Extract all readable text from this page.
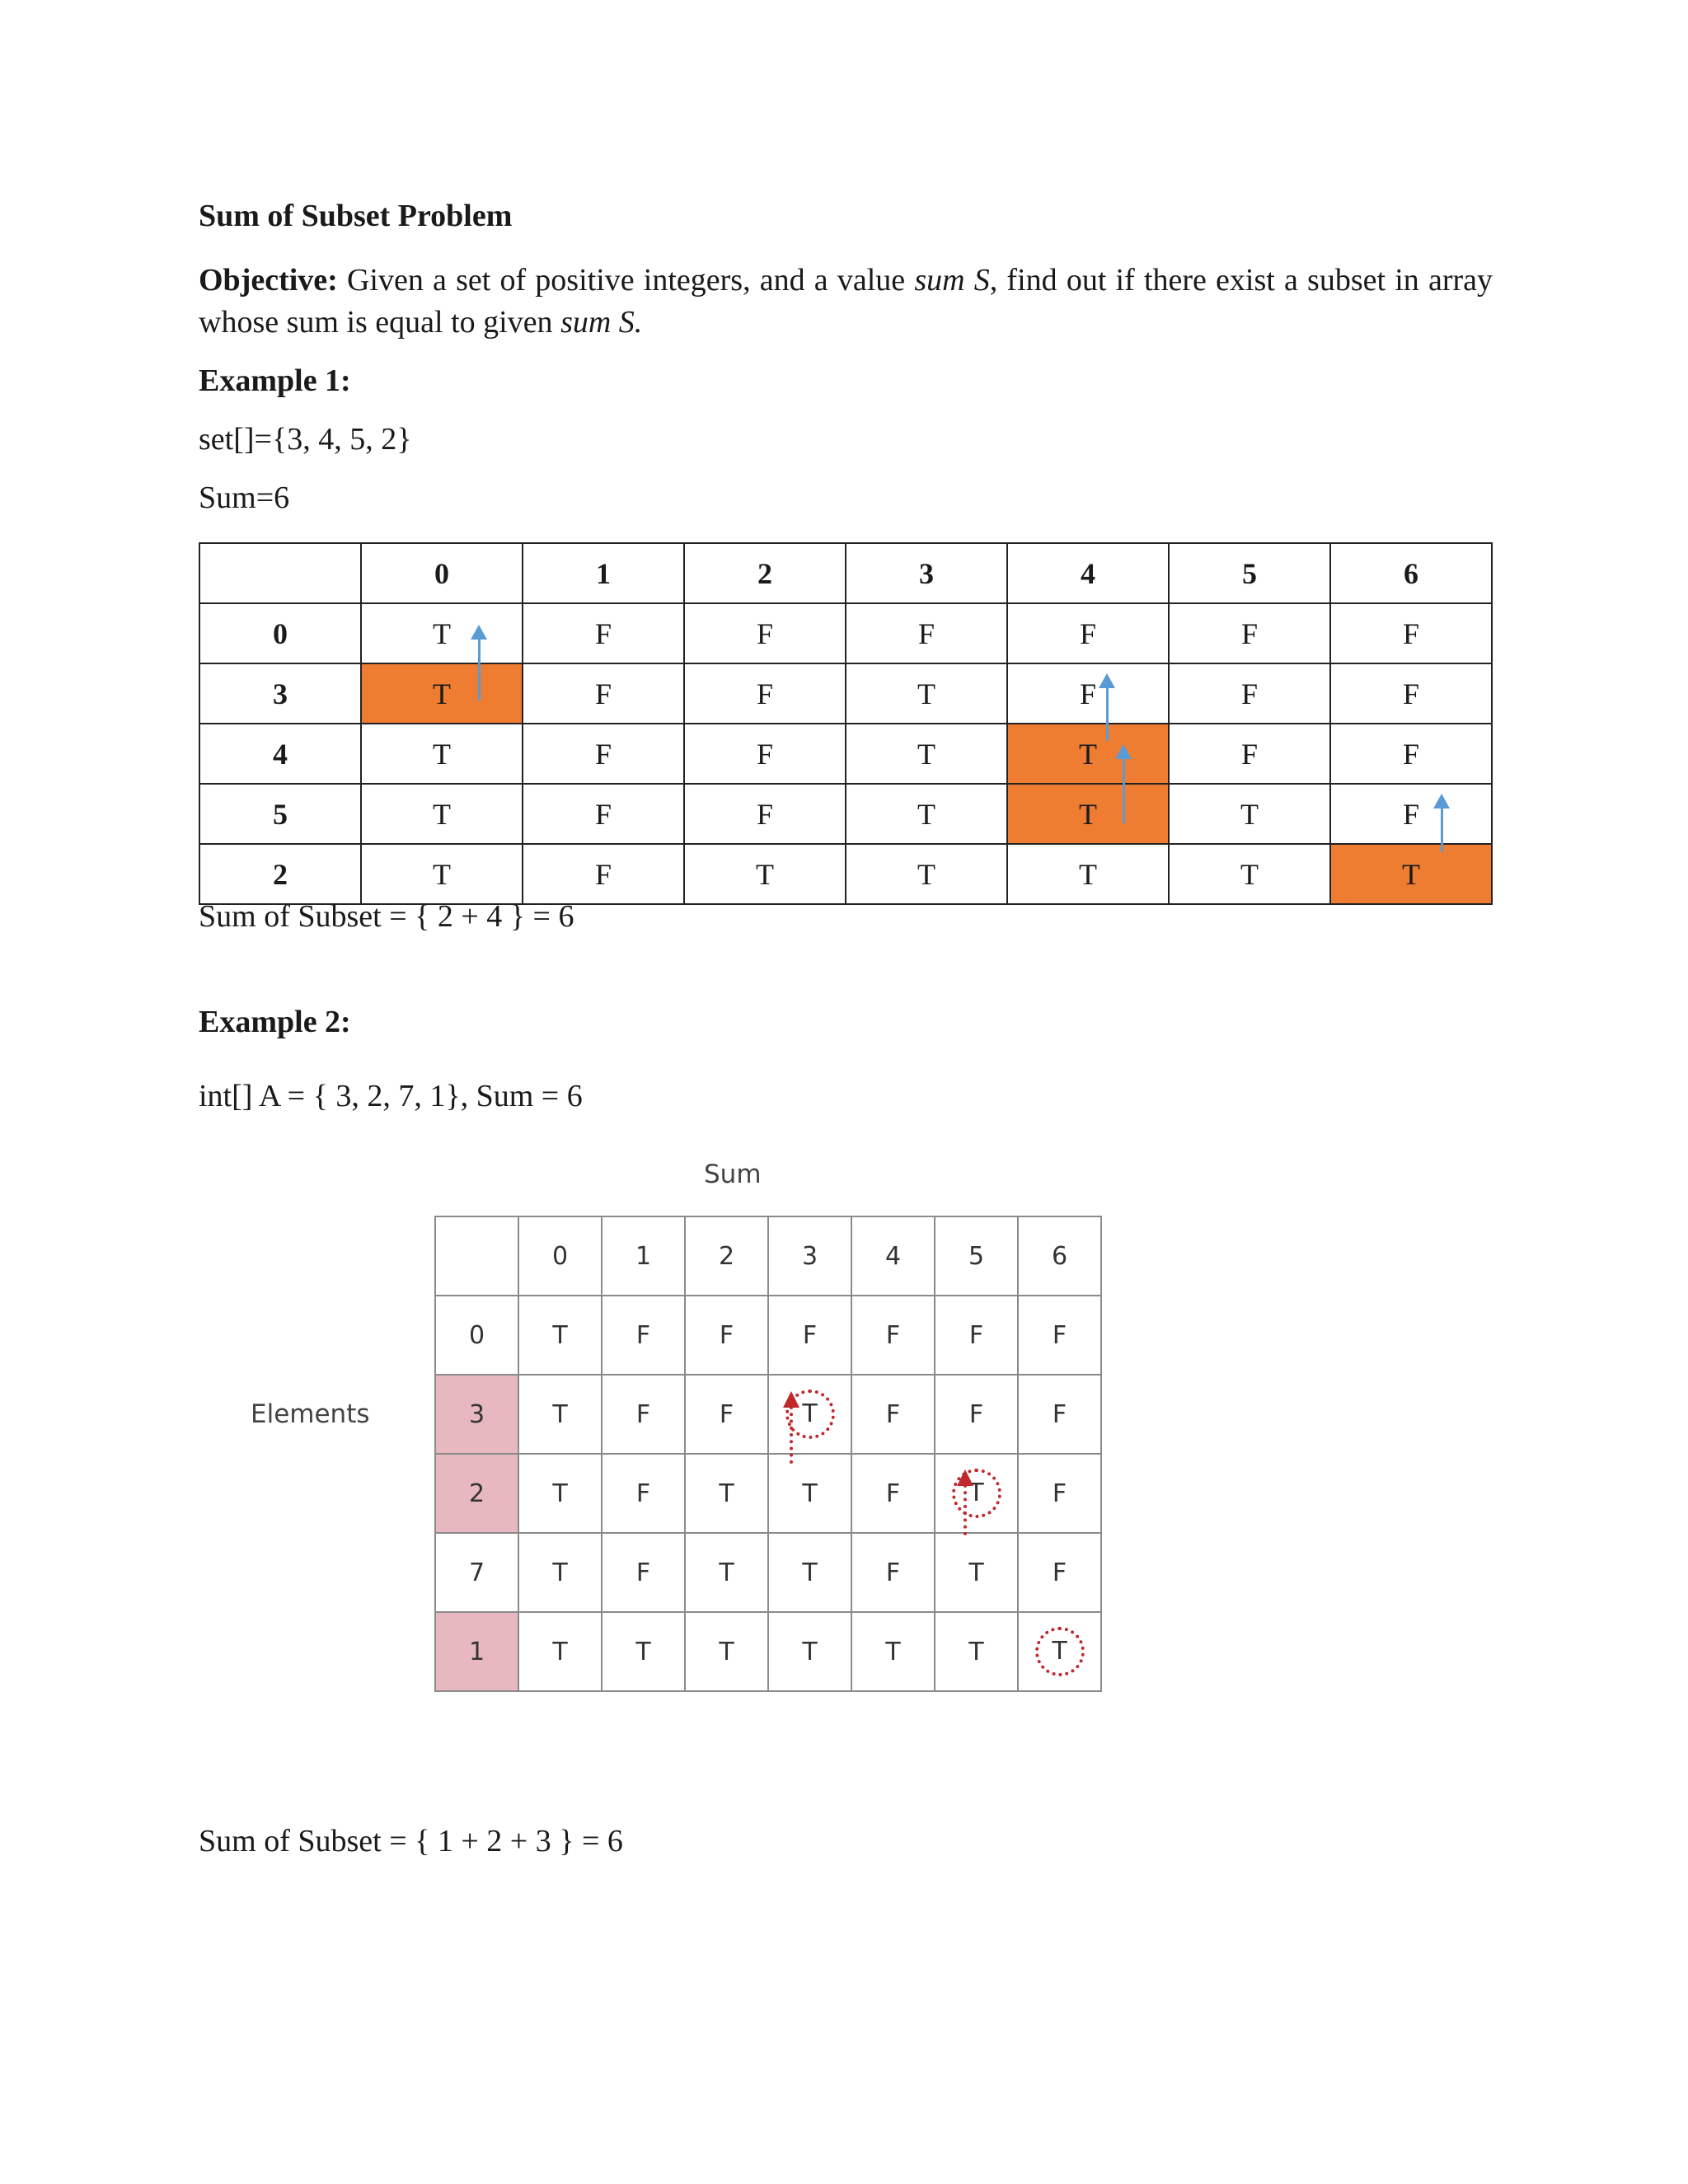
Sum of Subset Problem
Objective: Given a set of positive integers, and a value sum S, find out if there exist a subset in array whose sum is equal to given sum S.
Example 1:
set[]={3, 4, 5, 2}
Sum=6
	0	1	2	3	4	5	6
0	T	F	F	F	F	F	F
3	T	F	F	T	F	F	F
4	T	F	F	T	T	F	F
5	T	F	F	T	T	T	F
2	T	F	T	T	T	T	T
Sum of Subset = { 2 + 4 } = 6
Example 2:
int[] A = { 3, 2, 7, 1}, Sum = 6
Sum
Elements
	0	1	2	3	4	5	6
0	T	F	F	F	F	F	F
3	T	F	F	T	F	F	F
2	T	F	T	T	F	T	F
7	T	F	T	T	F	T	F
1	T	T	T	T	T	T	T
Sum of Subset = { 1 + 2 + 3 } = 6
